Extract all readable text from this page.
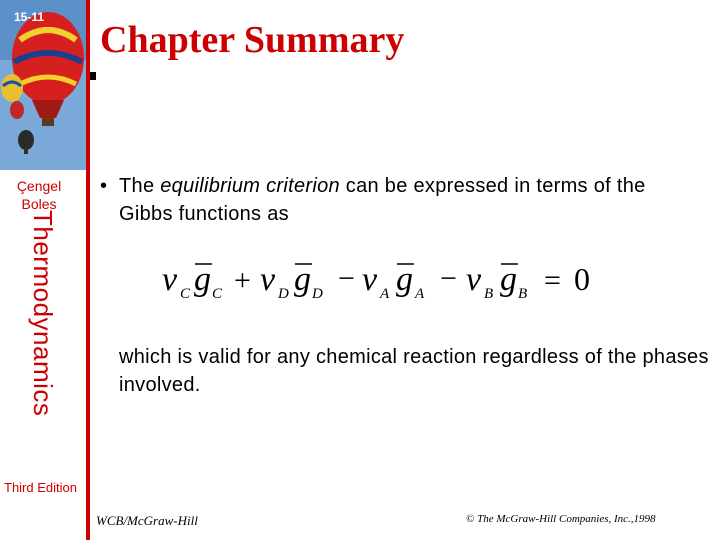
15-11
Çengel
Boles
Thermodynamics
Third Edition
Chapter Summary
• The equilibrium criterion can be expressed in terms of the Gibbs functions as
ν C g C + ν D g D − ν A g A − ν B g B = 0
which is valid for any chemical reaction regardless of the phases involved.
WCB/McGraw-Hill	© The McGraw-Hill Companies, Inc.,1998
